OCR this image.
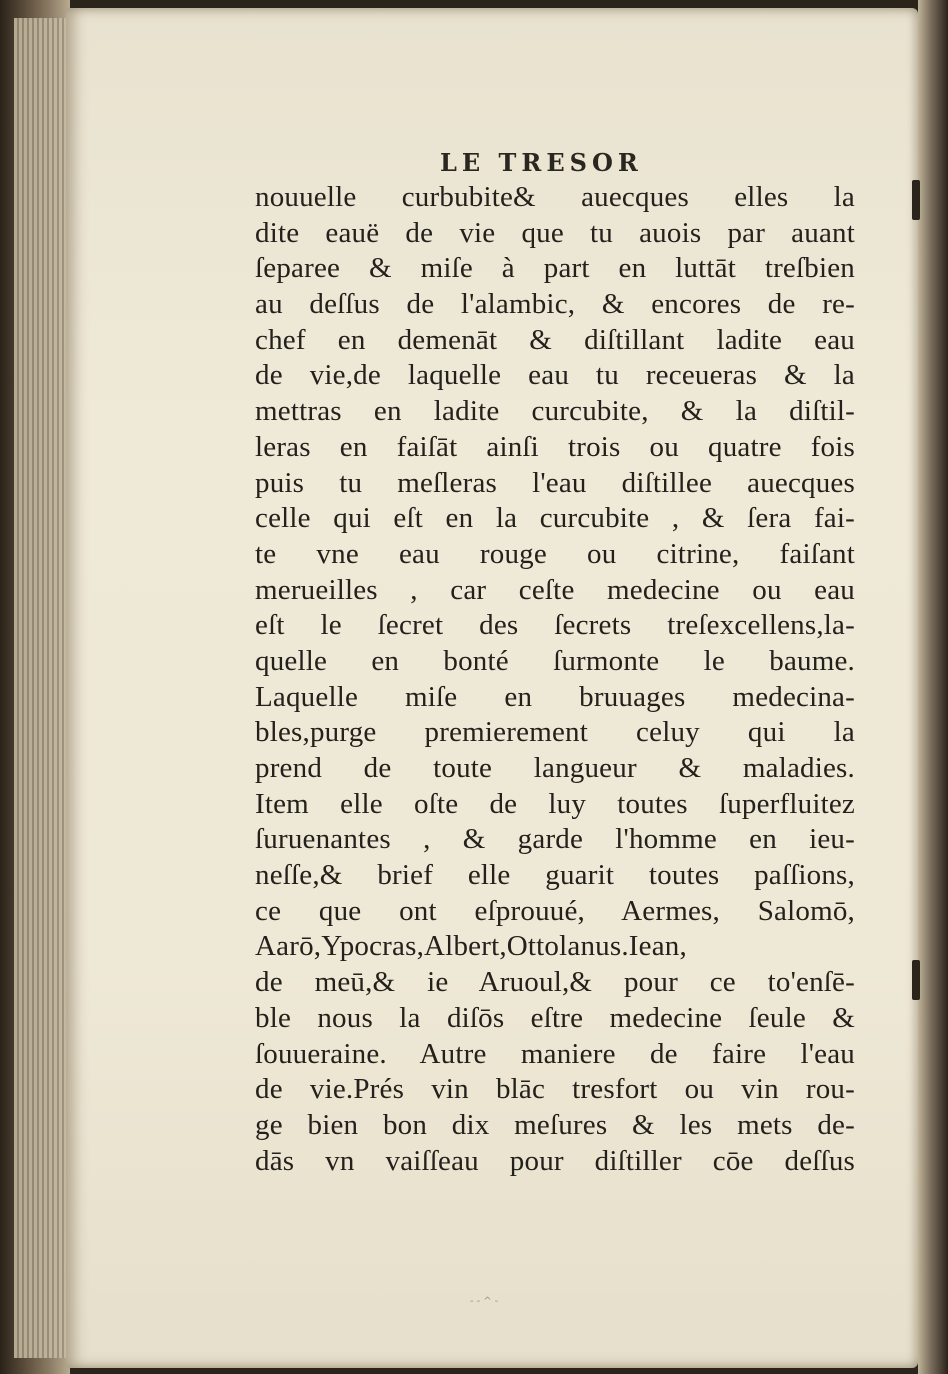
LE TRESOR
nouuelle curbubite& auecques elles la
dite eauë de vie que tu auois par auant
ſeparee & miſe à part en luttāt treſbien
au deſſus de l'alambic, & encores de re-
chef en demenāt & diſtillant ladite eau
de vie,de laquelle eau tu receueras & la
mettras en ladite curcubite, & la diſtil-
leras en faiſāt ainſi trois ou quatre fois
puis tu meſleras l'eau diſtillee auecques
celle qui eſt en la curcubite , & ſera fai-
te vne eau rouge ou citrine, faiſant
merueilles , car ceſte medecine ou eau
eſt le ſecret des ſecrets treſexcellens,la-
quelle en bonté ſurmonte le baume.
Laquelle miſe en bruuages medecina-
bles,purge premierement celuy qui la
prend de toute langueur & maladies.
Item elle oſte de luy toutes ſuperfluitez
ſuruenantes , & garde l'homme en ieu-
neſſe,& brief elle guarit toutes paſſions,
ce que ont eſprouué, Aermes, Salomō,
Aarō,Ypocras,Albert,Ottolanus.Iean,
de meū,& ie Aruoul,& pour ce to'enſē-
ble nous la diſōs eſtre medecine ſeule &
ſouueraine. Autre maniere de faire l'eau
de vie.Prés vin blāc tresfort ou vin rou-
ge bien bon dix meſures & les mets de-
dās vn vaiſſeau pour diſtiller cōe deſſus
--^-
